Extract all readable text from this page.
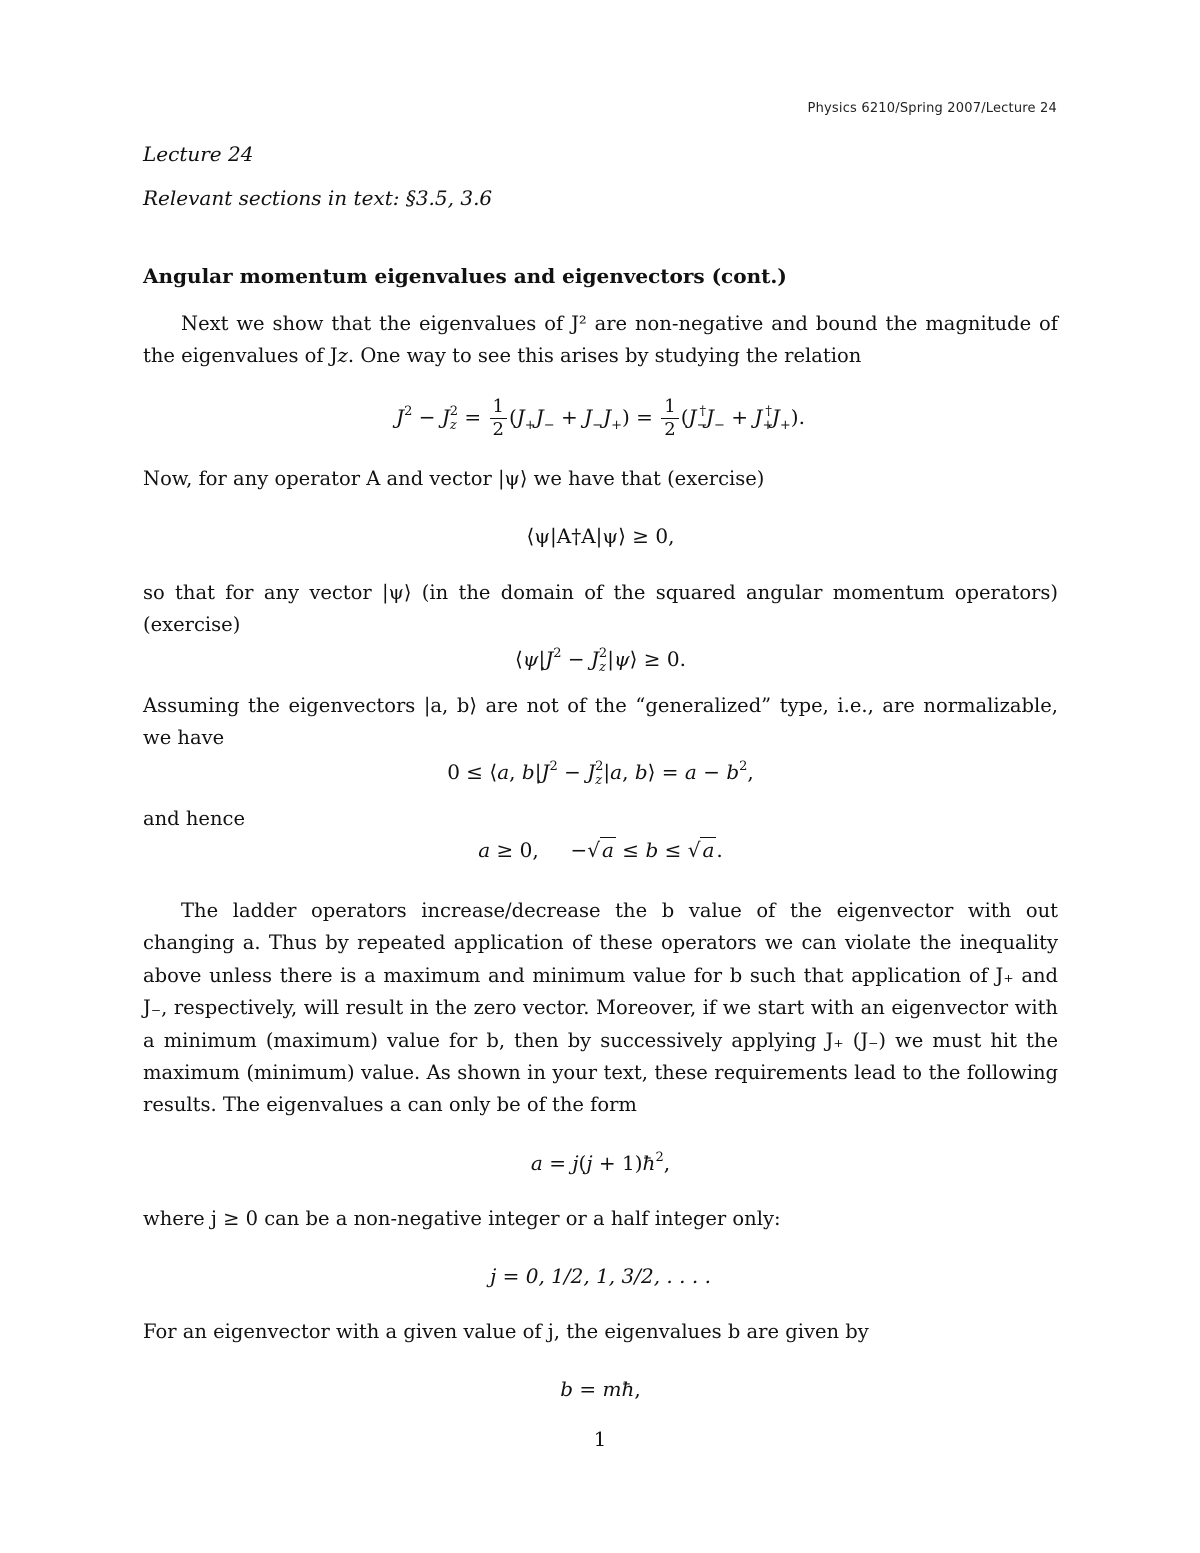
Physics 6210/Spring 2007/Lecture 24
Lecture 24
Relevant sections in text: §3.5, 3.6
Angular momentum eigenvalues and eigenvectors (cont.)

Next we show that the eigenvalues of J² are non-negative and bound the magnitude of the eigenvalues of J𝑧. One way to see this arises by studying the relation

$J^2 - J_z^2 = \frac{1}{2} (J_+J_- + J_-J_+) = \frac{1}{2} (J_-^\dagger J_- + J_+^\dagger J_+)$.

Now, for any operator A and vector |ψ⟩ we have that (exercise)

⟨ψ|A†A|ψ⟩ ≥ 0,

so that for any vector |ψ⟩ (in the domain of the squared angular momentum operators) (exercise)

$⟨\psi|J^2$ − $J_z^2|\psi⟩ \ge 0$.

Assuming the eigenvectors |a, b⟩ are not of the “generalized” type, i.e., are normalizable, we have

0 ≤ ⟨a, $b|J^2 - J_z^2|a$, b⟩ = $a - b^2$,

and hence

a ≥ 0,     −√ a ≤ b ≤ √ a .

The ladder operators increase/decrease the b value of the eigenvector with out changing a. Thus by repeated application of these operators we can violate the inequality above unless there is a maximum and minimum value for b such that application of J₊ and J₋, respectively, will result in the zero vector. Moreover, if we start with an eigenvector with a minimum (maximum) value for b, then by successively applying J₊ (J₋) we must hit the maximum (minimum) value. As shown in your text, these requirements lead to the following results. The eigenvalues a can only be of the form

$a = j(j + 1)ħ^2$,

where j ≥ 0 can be a non-negative integer or a half integer only:

j = 0, 1/2, 1, 3/2, . . . .

For an eigenvector with a given value of j, the eigenvalues b are given by

b = mħ,
1
